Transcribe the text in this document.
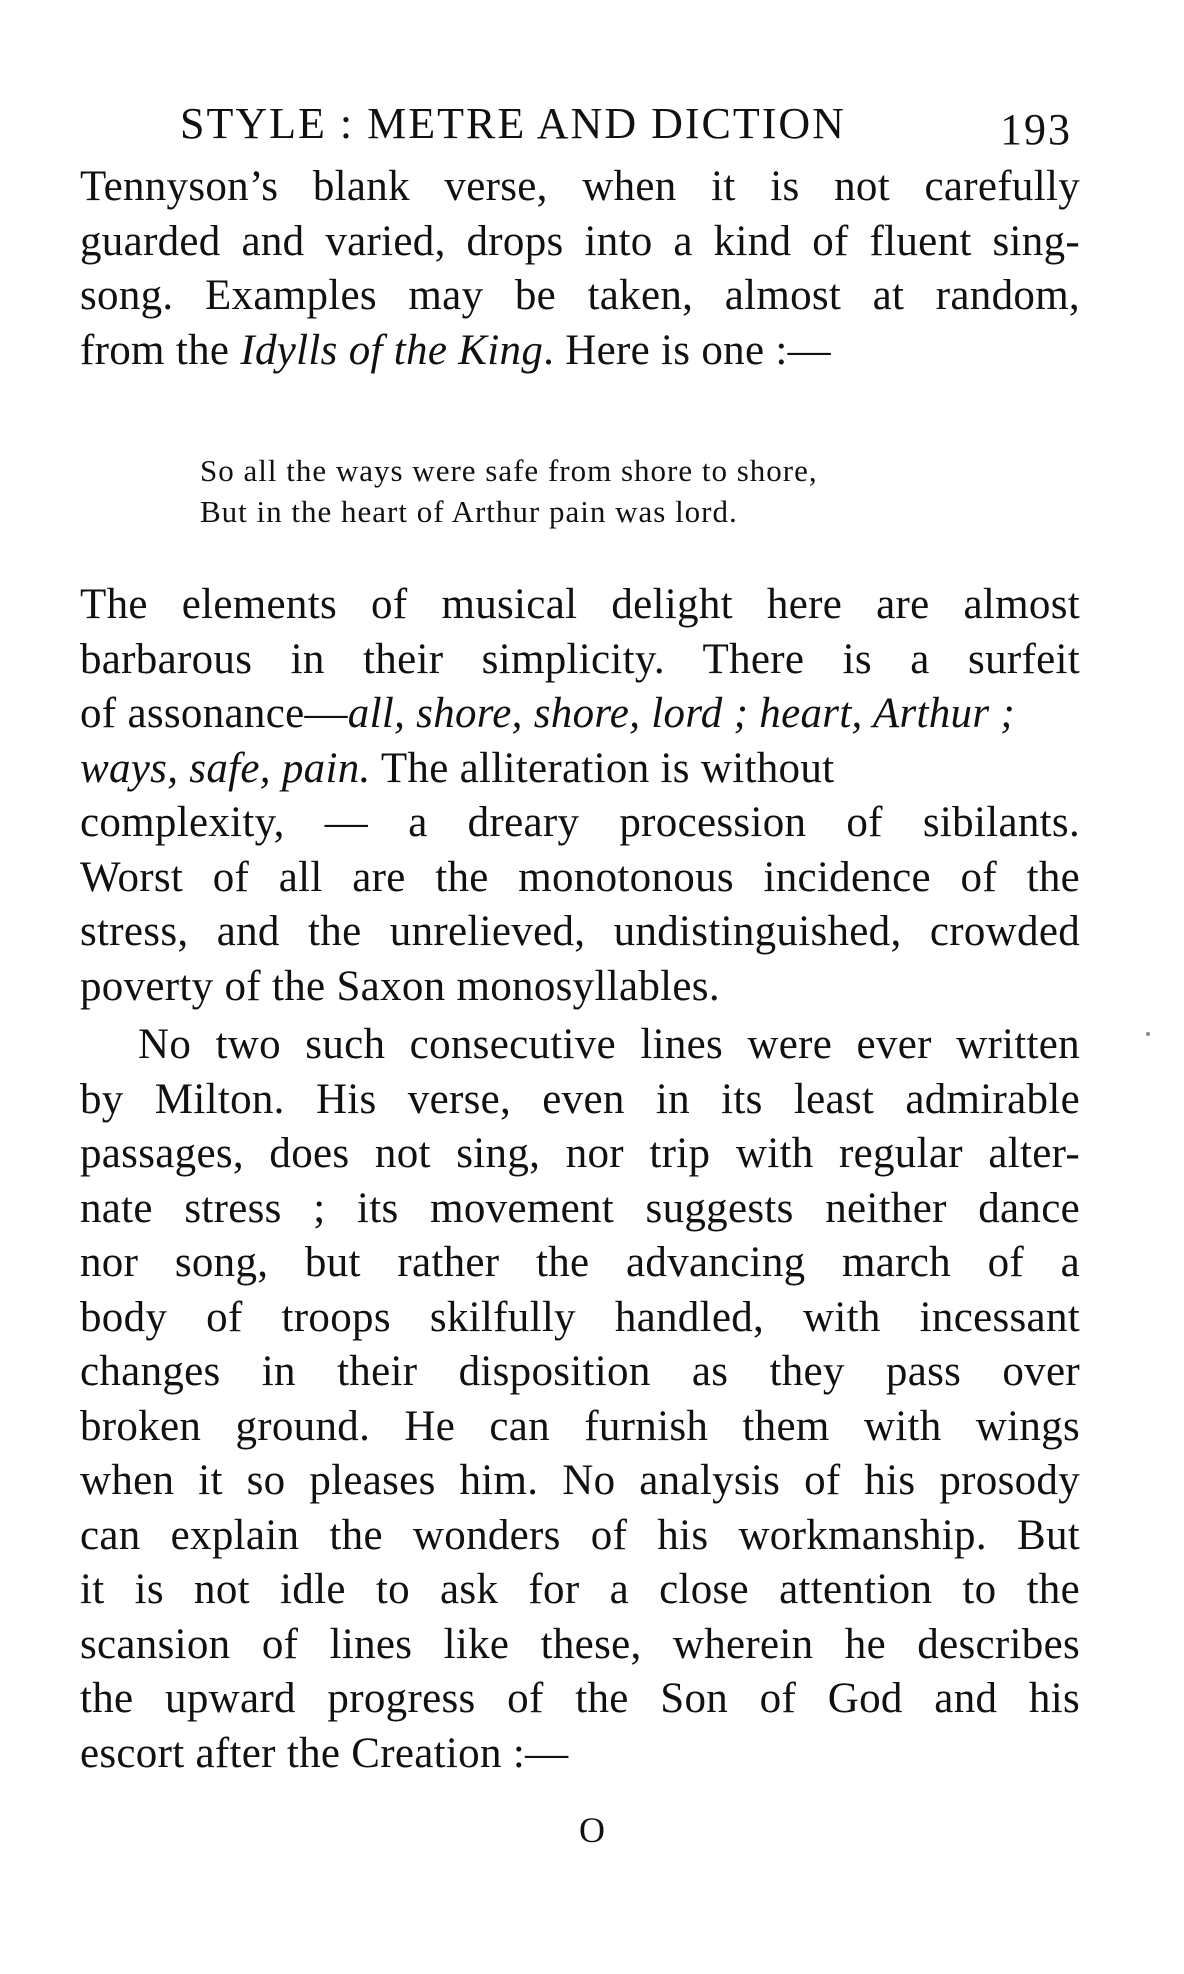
STYLE : METRE AND DICTION	193
Tennyson’s blank verse, when it is not carefully
guarded and varied, drops into a kind of fluent sing-
song. Examples may be taken, almost at random,
from the Idylls of the King. Here is one :—
So all the ways were safe from shore to shore,
But in the heart of Arthur pain was lord.
The elements of musical delight here are almost
barbarous in their simplicity. There is a surfeit
of assonance—all, shore, shore, lord ; heart, Arthur ;
ways, safe, pain. The alliteration is without
complexity, — a dreary procession of sibilants.
Worst of all are the monotonous incidence of the
stress, and the unrelieved, undistinguished, crowded
poverty of the Saxon monosyllables.
No two such consecutive lines were ever written
by Milton. His verse, even in its least admirable
passages, does not sing, nor trip with regular alter-
nate stress ; its movement suggests neither dance
nor song, but rather the advancing march of a
body of troops skilfully handled, with incessant
changes in their disposition as they pass over
broken ground. He can furnish them with wings
when it so pleases him. No analysis of his prosody
can explain the wonders of his workmanship. But
it is not idle to ask for a close attention to the
scansion of lines like these, wherein he describes
the upward progress of the Son of God and his
escort after the Creation :—
O
